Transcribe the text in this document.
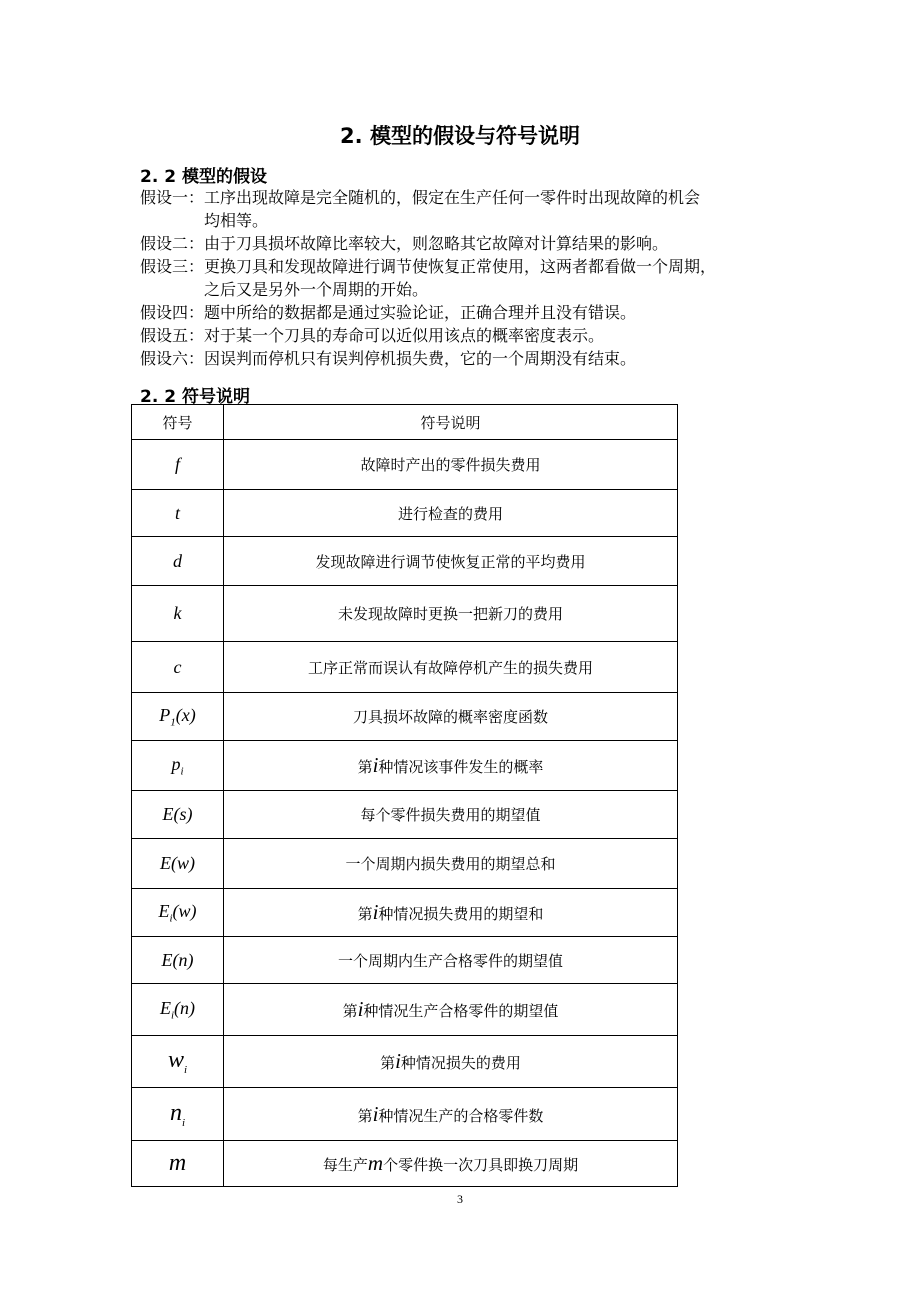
2. 模型的假设与符号说明
2. 2 模型的假设
假设一：工序出现故障是完全随机的，假定在生产任何一零件时出现故障的机会
均相等。
假设二：由于刀具损坏故障比率较大，则忽略其它故障对计算结果的影响。
假设三：更换刀具和发现故障进行调节使恢复正常使用，这两者都看做一个周期，
之后又是另外一个周期的开始。
假设四：题中所给的数据都是通过实验论证，正确合理并且没有错误。
假设五：对于某一个刀具的寿命可以近似用该点的概率密度表示。
假设六：因误判而停机只有误判停机损失费，它的一个周期没有结束。
2. 2 符号说明
符号	符号说明
f	故障时产出的零件损失费用
t	进行检查的费用
d	发现故障进行调节使恢复正常的平均费用
k	未发现故障时更换一把新刀的费用
c	工序正常而误认有故障停机产生的损失费用
$P_1(x)$	刀具损坏故障的概率密度函数
$p_i$	第i种情况该事件发生的概率
E(s)	每个零件损失费用的期望值
E(w)	一个周期内损失费用的期望总和
$E_i(w)$	第i种情况损失费用的期望和
E(n)	一个周期内生产合格零件的期望值
$E_i(n)$	第i种情况生产合格零件的期望值
$w_i$	第i种情况损失的费用
$n_i$	第i种情况生产的合格零件数
m	每生产m个零件换一次刀具即换刀周期
3
